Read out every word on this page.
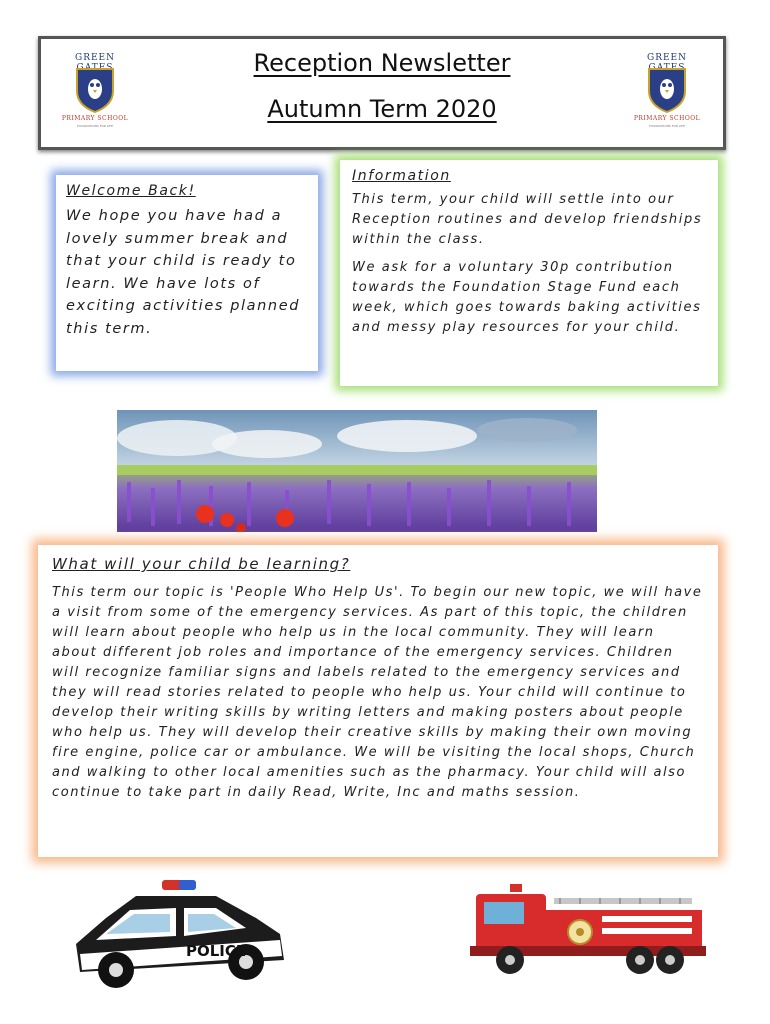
GREEN
PRIMARY SCHOOL
FOUNDATIONS FOR LIFE
Reception Newsletter
Autumn Term 2020
GREEN
PRIMARY SCHOOL
FOUNDATIONS FOR LIFE
Welcome Back!
We hope you have had a lovely summer break and that your child is ready to learn. We have lots of exciting activities planned this term.
Information

This term, your child will settle into our Reception routines and develop friendships within the class.

We ask for a voluntary 30p contribution towards the Foundation Stage Fund each week, which goes towards baking activities and messy play resources for your child.

What will your child be learning?
This term our topic is 'People Who Help Us'. To begin our new topic, we will have a visit from some of the emergency services. As part of this topic, the children will learn about people who help us in the local community. They will learn about different job roles and importance of the emergency services. Children will recognize familiar signs and labels related to the emergency services and they will read stories related to people who help us. Your child will continue to develop their writing skills by writing letters and making posters about people who help us. They will develop their creative skills by making their own moving fire engine, police car or ambulance. We will be visiting the local shops, Church and walking to other local amenities such as the pharmacy. Your child will also continue to take part in daily Read, Write, Inc and maths session.
POLICE
